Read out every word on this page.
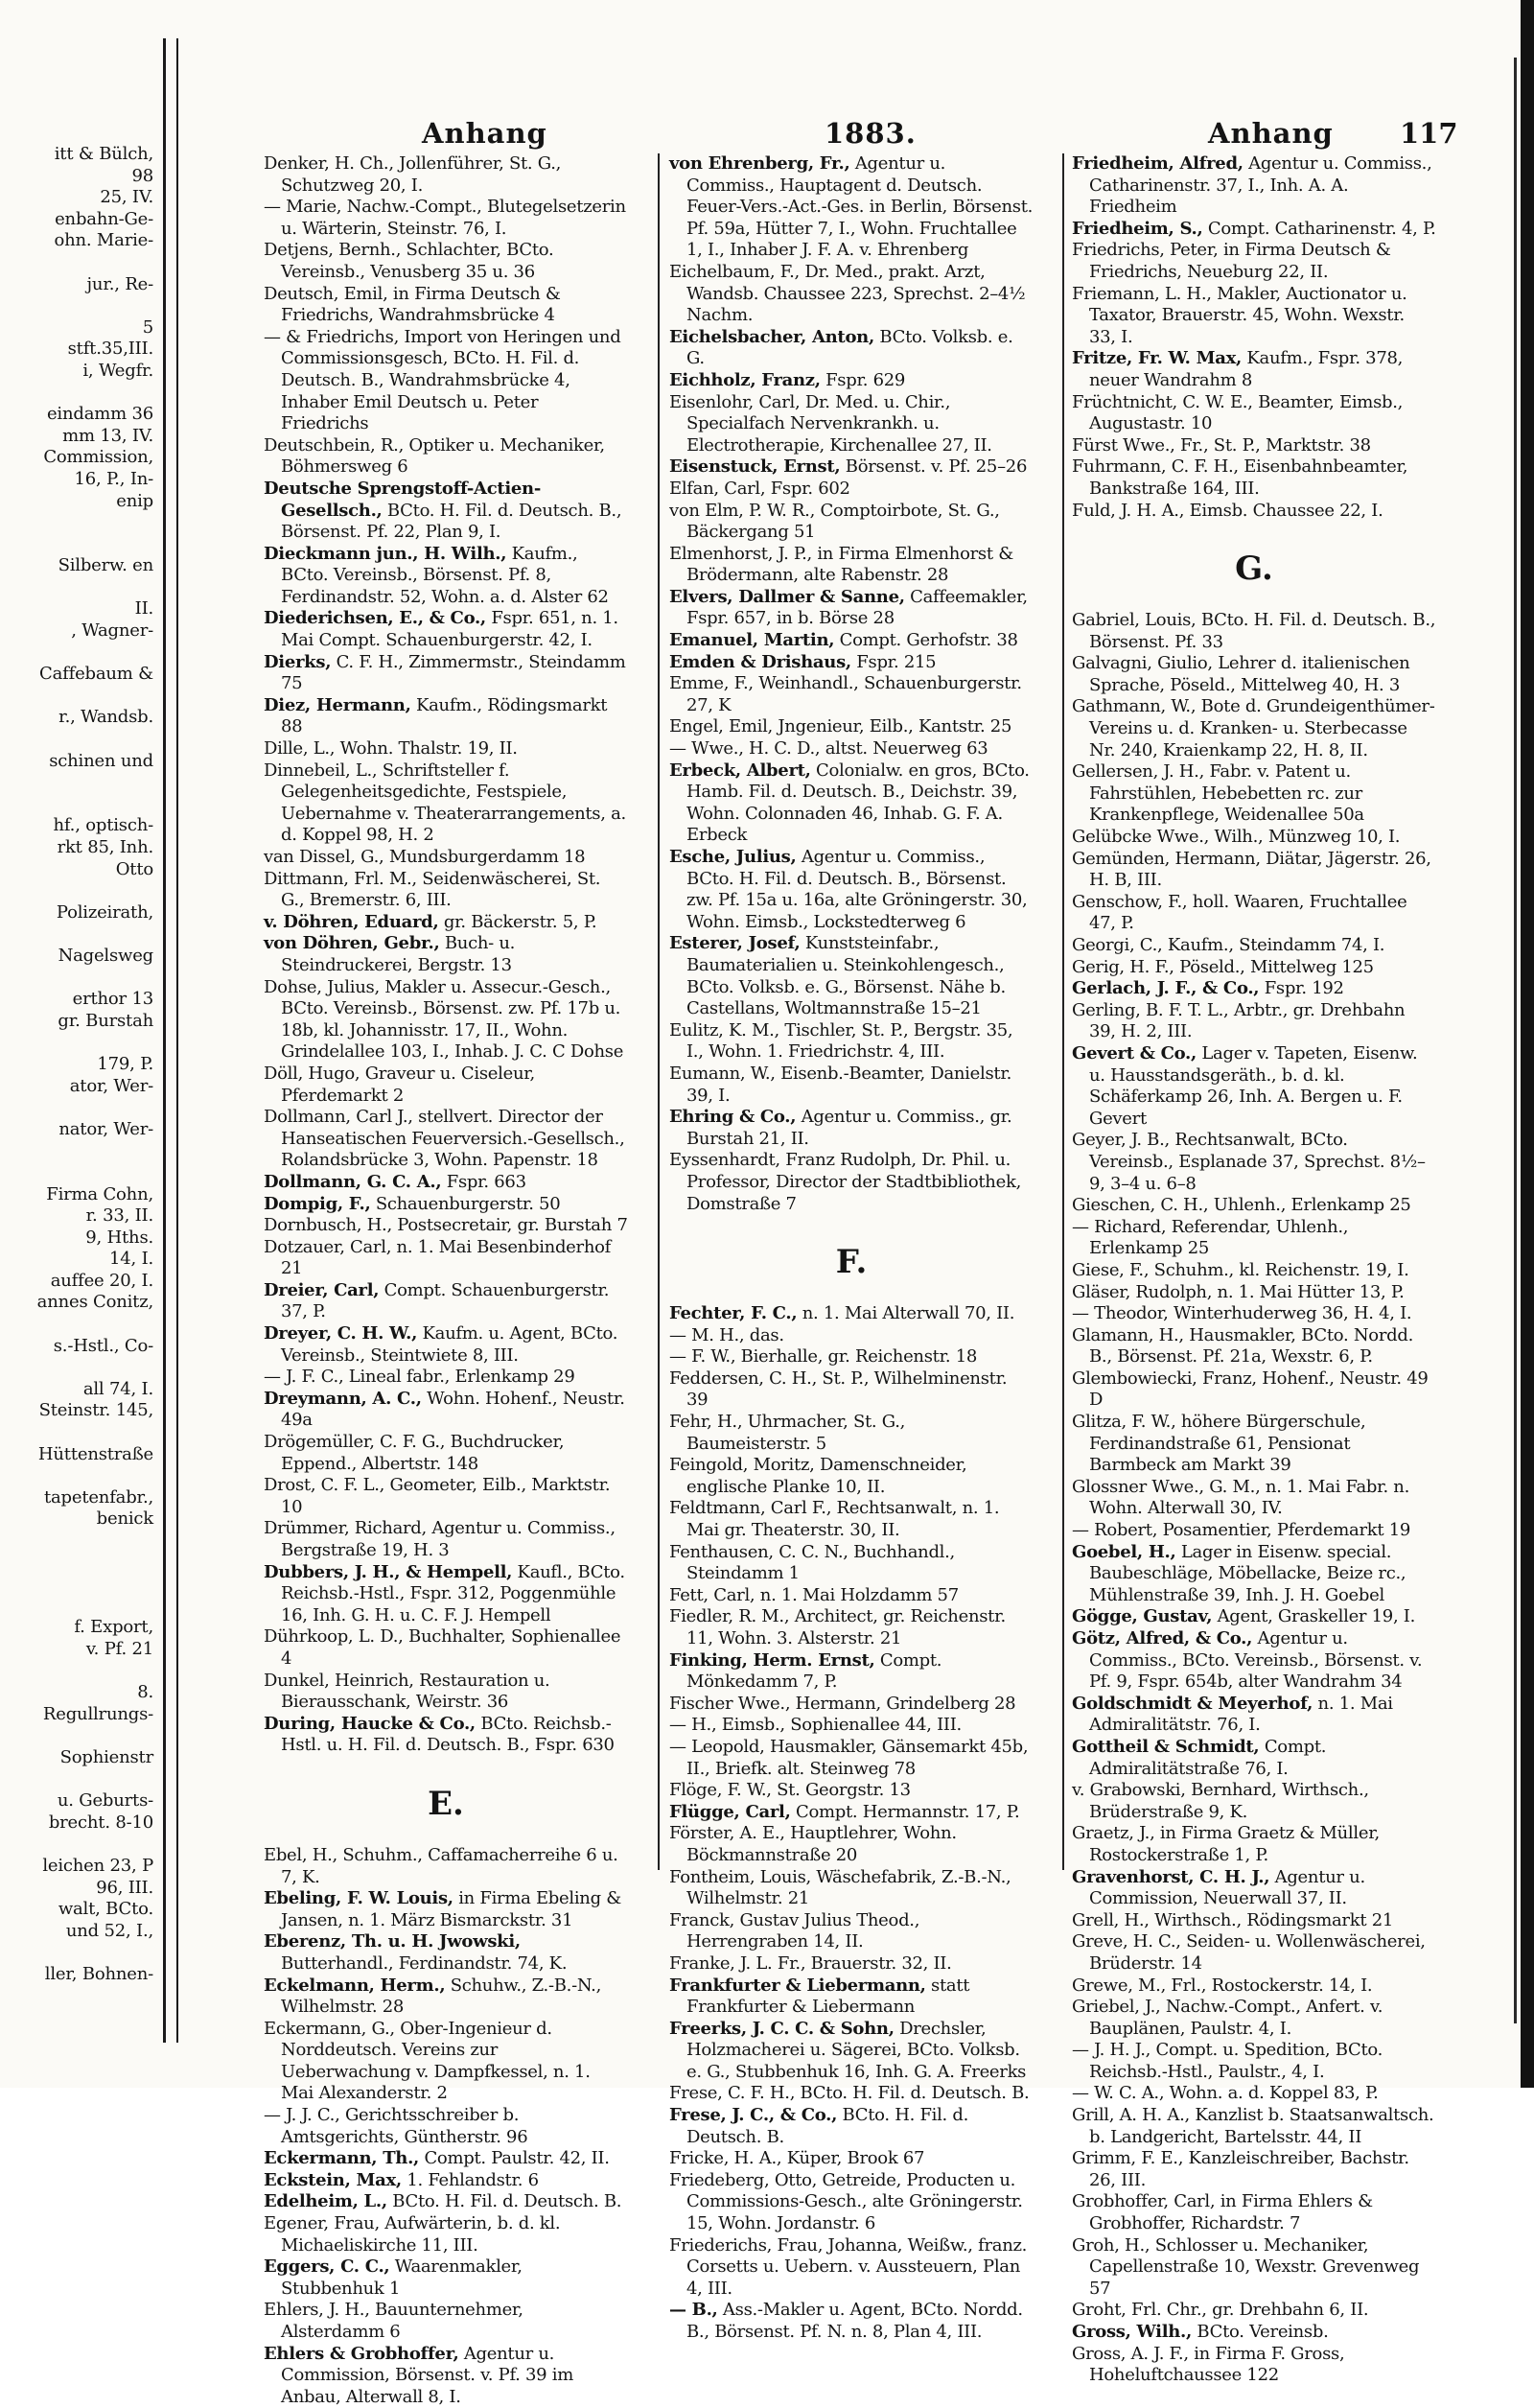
itt & Bülch,
98
25, IV.
enbahn-Ge-
ohn. Marie-

jur., Re-

5
stft.35,III.
i, Wegfr.

eindamm 36
mm 13, IV.
Commission,
16, P., In-
enip

Silberw. en

II.
, Wagner-

Caffebaum &

r., Wandsb.

schinen und

hf., optisch-
rkt 85, Inh.
Otto

Polizeirath,

Nagelsweg

erthor 13
gr. Burstah

179, P.
ator, Wer-

nator, Wer-

Firma Cohn,
r. 33, II.
9, Hths.
14, I.
auffee 20, I.
annes Conitz,

s.-Hstl., Co-

all 74, I.
Steinstr. 145,

Hüttenstraße

tapetenfabr.,
benick

f. Export,
v. Pf. 21

8.
Regullrungs-

Sophienstr

u. Geburts-
brecht. 8-10

leichen 23, P
96, III.
walt, BCto.
und 52, I.,

ller, Bohnen-
Anhang	1883.	Anhang 117

Denker, H. Ch., Jollenführer, St. G., Schutzweg 20, I.

— Marie, Nachw.-Compt., Blutegelsetzerin u. Wärterin, Steinstr. 76, I.

Detjens, Bernh., Schlachter, BCto. Vereinsb., Venusberg 35 u. 36

Deutsch, Emil, in Firma Deutsch & Friedrichs, Wandrahmsbrücke 4

— & Friedrichs, Import von Heringen und Commissionsgesch, BCto. H. Fil. d. Deutsch. B., Wandrahmsbrücke 4, Inhaber Emil Deutsch u. Peter Friedrichs

Deutschbein, R., Optiker u. Mechaniker, Böhmersweg 6

Deutsche Sprengstoff-Actien-Gesellsch., BCto. H. Fil. d. Deutsch. B., Börsenst. Pf. 22, Plan 9, I.

Dieckmann jun., H. Wilh., Kaufm., BCto. Vereinsb., Börsenst. Pf. 8, Ferdinandstr. 52, Wohn. a. d. Alster 62

Diederichsen, E., & Co., Fspr. 651, n. 1. Mai Compt. Schauenburgerstr. 42, I.

Dierks, C. F. H., Zimmermstr., Steindamm 75

Diez, Hermann, Kaufm., Rödingsmarkt 88

Dille, L., Wohn. Thalstr. 19, II.

Dinnebeil, L., Schriftsteller f. Gelegenheitsgedichte, Festspiele, Uebernahme v. Theaterarrangements, a. d. Koppel 98, H. 2

van Dissel, G., Mundsburgerdamm 18

Dittmann, Frl. M., Seidenwäscherei, St. G., Bremerstr. 6, III.

v. Döhren, Eduard, gr. Bäckerstr. 5, P.

von Döhren, Gebr., Buch- u. Steindruckerei, Bergstr. 13

Dohse, Julius, Makler u. Assecur.-Gesch., BCto. Vereinsb., Börsenst. zw. Pf. 17b u. 18b, kl. Johannisstr. 17, II., Wohn. Grindelallee 103, I., Inhab. J. C. C Dohse

Döll, Hugo, Graveur u. Ciseleur, Pferdemarkt 2

Dollmann, Carl J., stellvert. Director der Hanseatischen Feuerversich.-Gesellsch., Rolandsbrücke 3, Wohn. Papenstr. 18

Dollmann, G. C. A., Fspr. 663

Dompig, F., Schauenburgerstr. 50

Dornbusch, H., Postsecretair, gr. Burstah 7

Dotzauer, Carl, n. 1. Mai Besenbinderhof 21

Dreier, Carl, Compt. Schauenburgerstr. 37, P.

Dreyer, C. H. W., Kaufm. u. Agent, BCto. Vereinsb., Steintwiete 8, III.

— J. F. C., Lineal fabr., Erlenkamp 29

Dreymann, A. C., Wohn. Hohenf., Neustr. 49a

Drögemüller, C. F. G., Buchdrucker, Eppend., Albertstr. 148

Drost, C. F. L., Geometer, Eilb., Marktstr. 10

Drümmer, Richard, Agentur u. Commiss., Bergstraße 19, H. 3

Dubbers, J. H., & Hempell, Kaufl., BCto. Reichsb.-Hstl., Fspr. 312, Poggenmühle 16, Inh. G. H. u. C. F. J. Hempell

Dührkoop, L. D., Buchhalter, Sophienallee 4

Dunkel, Heinrich, Restauration u. Bierausschank, Weirstr. 36

During, Haucke & Co., BCto. Reichsb.-Hstl. u. H. Fil. d. Deutsch. B., Fspr. 630

E.

Ebel, H., Schuhm., Caffamacherreihe 6 u. 7, K.

Ebeling, F. W. Louis, in Firma Ebeling & Jansen, n. 1. März Bismarckstr. 31

Eberenz, Th. u. H. Jwowski, Butterhandl., Ferdinandstr. 74, K.

Eckelmann, Herm., Schuhw., Z.-B.-N., Wilhelmstr. 28

Eckermann, G., Ober-Ingenieur d. Norddeutsch. Vereins zur Ueberwachung v. Dampfkessel, n. 1. Mai Alexanderstr. 2

— J. J. C., Gerichtsschreiber b. Amtsgerichts, Güntherstr. 96

Eckermann, Th., Compt. Paulstr. 42, II.

Eckstein, Max, 1. Fehlandstr. 6

Edelheim, L., BCto. H. Fil. d. Deutsch. B.

Egener, Frau, Aufwärterin, b. d. kl. Michaeliskirche 11, III.

Eggers, C. C., Waarenmakler, Stubbenhuk 1

Ehlers, J. H., Bauunternehmer, Alsterdamm 6

Ehlers & Grobhoffer, Agentur u. Commission, Börsenst. v. Pf. 39 im Anbau, Alterwall 8, I.

von Ehrenberg, Fr., Agentur u. Commiss., Hauptagent d. Deutsch. Feuer-Vers.-Act.-Ges. in Berlin, Börsenst. Pf. 59a, Hütter 7, I., Wohn. Fruchtallee 1, I., Inhaber J. F. A. v. Ehrenberg

Eichelbaum, F., Dr. Med., prakt. Arzt, Wandsb. Chaussee 223, Sprechst. 2–4½ Nachm.

Eichelsbacher, Anton, BCto. Volksb. e. G.

Eichholz, Franz, Fspr. 629

Eisenlohr, Carl, Dr. Med. u. Chir., Specialfach Nervenkrankh. u. Electrotherapie, Kirchenallee 27, II.

Eisenstuck, Ernst, Börsenst. v. Pf. 25–26

Elfan, Carl, Fspr. 602

von Elm, P. W. R., Comptoirbote, St. G., Bäckergang 51

Elmenhorst, J. P., in Firma Elmenhorst & Brödermann, alte Rabenstr. 28

Elvers, Dallmer & Sanne, Caffeemakler, Fspr. 657, in b. Börse 28

Emanuel, Martin, Compt. Gerhofstr. 38

Emden & Drishaus, Fspr. 215

Emme, F., Weinhandl., Schauenburgerstr. 27, K

Engel, Emil, Jngenieur, Eilb., Kantstr. 25

— Wwe., H. C. D., altst. Neuerweg 63

Erbeck, Albert, Colonialw. en gros, BCto. Hamb. Fil. d. Deutsch. B., Deichstr. 39, Wohn. Colonnaden 46, Inhab. G. F. A. Erbeck

Esche, Julius, Agentur u. Commiss., BCto. H. Fil. d. Deutsch. B., Börsenst. zw. Pf. 15a u. 16a, alte Gröningerstr. 30, Wohn. Eimsb., Lockstedterweg 6

Esterer, Josef, Kunststeinfabr., Baumaterialien u. Steinkohlengesch., BCto. Volksb. e. G., Börsenst. Nähe b. Castellans, Woltmannstraße 15–21

Eulitz, K. M., Tischler, St. P., Bergstr. 35, I., Wohn. 1. Friedrichstr. 4, III.

Eumann, W., Eisenb.-Beamter, Danielstr. 39, I.

Ehring & Co., Agentur u. Commiss., gr. Burstah 21, II.

Eyssenhardt, Franz Rudolph, Dr. Phil. u. Professor, Director der Stadtbibliothek, Domstraße 7

F.

Fechter, F. C., n. 1. Mai Alterwall 70, II.

— M. H., das.

— F. W., Bierhalle, gr. Reichenstr. 18

Feddersen, C. H., St. P., Wilhelminenstr. 39

Fehr, H., Uhrmacher, St. G., Baumeisterstr. 5

Feingold, Moritz, Damenschneider, englische Planke 10, II.

Feldtmann, Carl F., Rechtsanwalt, n. 1. Mai gr. Theaterstr. 30, II.

Fenthausen, C. C. N., Buchhandl., Steindamm 1

Fett, Carl, n. 1. Mai Holzdamm 57

Fiedler, R. M., Architect, gr. Reichenstr. 11, Wohn. 3. Alsterstr. 21

Finking, Herm. Ernst, Compt. Mönkedamm 7, P.

Fischer Wwe., Hermann, Grindelberg 28

— H., Eimsb., Sophienallee 44, III.

— Leopold, Hausmakler, Gänsemarkt 45b, II., Briefk. alt. Steinweg 78

Flöge, F. W., St. Georgstr. 13

Flügge, Carl, Compt. Hermannstr. 17, P.

Förster, A. E., Hauptlehrer, Wohn. Böckmannstraße 20

Fontheim, Louis, Wäschefabrik, Z.-B.-N., Wilhelmstr. 21

Franck, Gustav Julius Theod., Herrengraben 14, II.

Franke, J. L. Fr., Brauerstr. 32, II.

Frankfurter & Liebermann, statt Frankfurter & Liebermann

Freerks, J. C. C. & Sohn, Drechsler, Holzmacherei u. Sägerei, BCto. Volksb. e. G., Stubbenhuk 16, Inh. G. A. Freerks

Frese, C. F. H., BCto. H. Fil. d. Deutsch. B.

Frese, J. C., & Co., BCto. H. Fil. d. Deutsch. B.

Fricke, H. A., Küper, Brook 67

Friedeberg, Otto, Getreide, Producten u. Commissions-Gesch., alte Gröningerstr. 15, Wohn. Jordanstr. 6

Friederichs, Frau, Johanna, Weißw., franz. Corsetts u. Uebern. v. Aussteuern, Plan 4, III.

— B., Ass.-Makler u. Agent, BCto. Nordd. B., Börsenst. Pf. N. n. 8, Plan 4, III.

Friedheim, Alfred, Agentur u. Commiss., Catharinenstr. 37, I., Inh. A. A. Friedheim

Friedheim, S., Compt. Catharinenstr. 4, P.

Friedrichs, Peter, in Firma Deutsch & Friedrichs, Neueburg 22, II.

Friemann, L. H., Makler, Auctionator u. Taxator, Brauerstr. 45, Wohn. Wexstr. 33, I.

Fritze, Fr. W. Max, Kaufm., Fspr. 378, neuer Wandrahm 8

Früchtnicht, C. W. E., Beamter, Eimsb., Augustastr. 10

Fürst Wwe., Fr., St. P., Marktstr. 38

Fuhrmann, C. F. H., Eisenbahnbeamter, Bankstraße 164, III.

Fuld, J. H. A., Eimsb. Chaussee 22, I.

G.

Gabriel, Louis, BCto. H. Fil. d. Deutsch. B., Börsenst. Pf. 33

Galvagni, Giulio, Lehrer d. italienischen Sprache, Pöseld., Mittelweg 40, H. 3

Gathmann, W., Bote d. Grundeigenthümer-Vereins u. d. Kranken- u. Sterbecasse Nr. 240, Kraienkamp 22, H. 8, II.

Gellersen, J. H., Fabr. v. Patent u. Fahrstühlen, Hebebetten rc. zur Krankenpflege, Weidenallee 50a

Gelübcke Wwe., Wilh., Münzweg 10, I.

Gemünden, Hermann, Diätar, Jägerstr. 26, H. B, III.

Genschow, F., holl. Waaren, Fruchtallee 47, P.

Georgi, C., Kaufm., Steindamm 74, I.

Gerig, H. F., Pöseld., Mittelweg 125

Gerlach, J. F., & Co., Fspr. 192

Gerling, B. F. T. L., Arbtr., gr. Drehbahn 39, H. 2, III.

Gevert & Co., Lager v. Tapeten, Eisenw. u. Hausstandsgeräth., b. d. kl. Schäferkamp 26, Inh. A. Bergen u. F. Gevert

Geyer, J. B., Rechtsanwalt, BCto. Vereinsb., Esplanade 37, Sprechst. 8½–9, 3–4 u. 6–8

Gieschen, C. H., Uhlenh., Erlenkamp 25

— Richard, Referendar, Uhlenh., Erlenkamp 25

Giese, F., Schuhm., kl. Reichenstr. 19, I.

Gläser, Rudolph, n. 1. Mai Hütter 13, P.

— Theodor, Winterhuderweg 36, H. 4, I.

Glamann, H., Hausmakler, BCto. Nordd. B., Börsenst. Pf. 21a, Wexstr. 6, P.

Glembowiecki, Franz, Hohenf., Neustr. 49 D

Glitza, F. W., höhere Bürgerschule, Ferdinandstraße 61, Pensionat Barmbeck am Markt 39

Glossner Wwe., G. M., n. 1. Mai Fabr. n. Wohn. Alterwall 30, IV.

— Robert, Posamentier, Pferdemarkt 19

Goebel, H., Lager in Eisenw. special. Baubeschläge, Möbellacke, Beize rc., Mühlenstraße 39, Inh. J. H. Goebel

Gögge, Gustav, Agent, Graskeller 19, I.

Götz, Alfred, & Co., Agentur u. Commiss., BCto. Vereinsb., Börsenst. v. Pf. 9, Fspr. 654b, alter Wandrahm 34

Goldschmidt & Meyerhof, n. 1. Mai Admiralitätstr. 76, I.

Gottheil & Schmidt, Compt. Admiralitätstraße 76, I.

v. Grabowski, Bernhard, Wirthsch., Brüderstraße 9, K.

Graetz, J., in Firma Graetz & Müller, Rostockerstraße 1, P.

Gravenhorst, C. H. J., Agentur u. Commission, Neuerwall 37, II.

Grell, H., Wirthsch., Rödingsmarkt 21

Greve, H. C., Seiden- u. Wollenwäscherei, Brüderstr. 14

Grewe, M., Frl., Rostockerstr. 14, I.

Griebel, J., Nachw.-Compt., Anfert. v. Bauplänen, Paulstr. 4, I.

— J. H. J., Compt. u. Spedition, BCto. Reichsb.-Hstl., Paulstr., 4, I.

— W. C. A., Wohn. a. d. Koppel 83, P.

Grill, A. H. A., Kanzlist b. Staatsanwaltsch. b. Landgericht, Bartelsstr. 44, II

Grimm, F. E., Kanzleischreiber, Bachstr. 26, III.

Grobhoffer, Carl, in Firma Ehlers & Grobhoffer, Richardstr. 7

Groh, H., Schlosser u. Mechaniker, Capellenstraße 10, Wexstr. Grevenweg 57

Groht, Frl. Chr., gr. Drehbahn 6, II.

Gross, Wilh., BCto. Vereinsb.

Gross, A. J. F., in Firma F. Gross, Hoheluftchaussee 122
